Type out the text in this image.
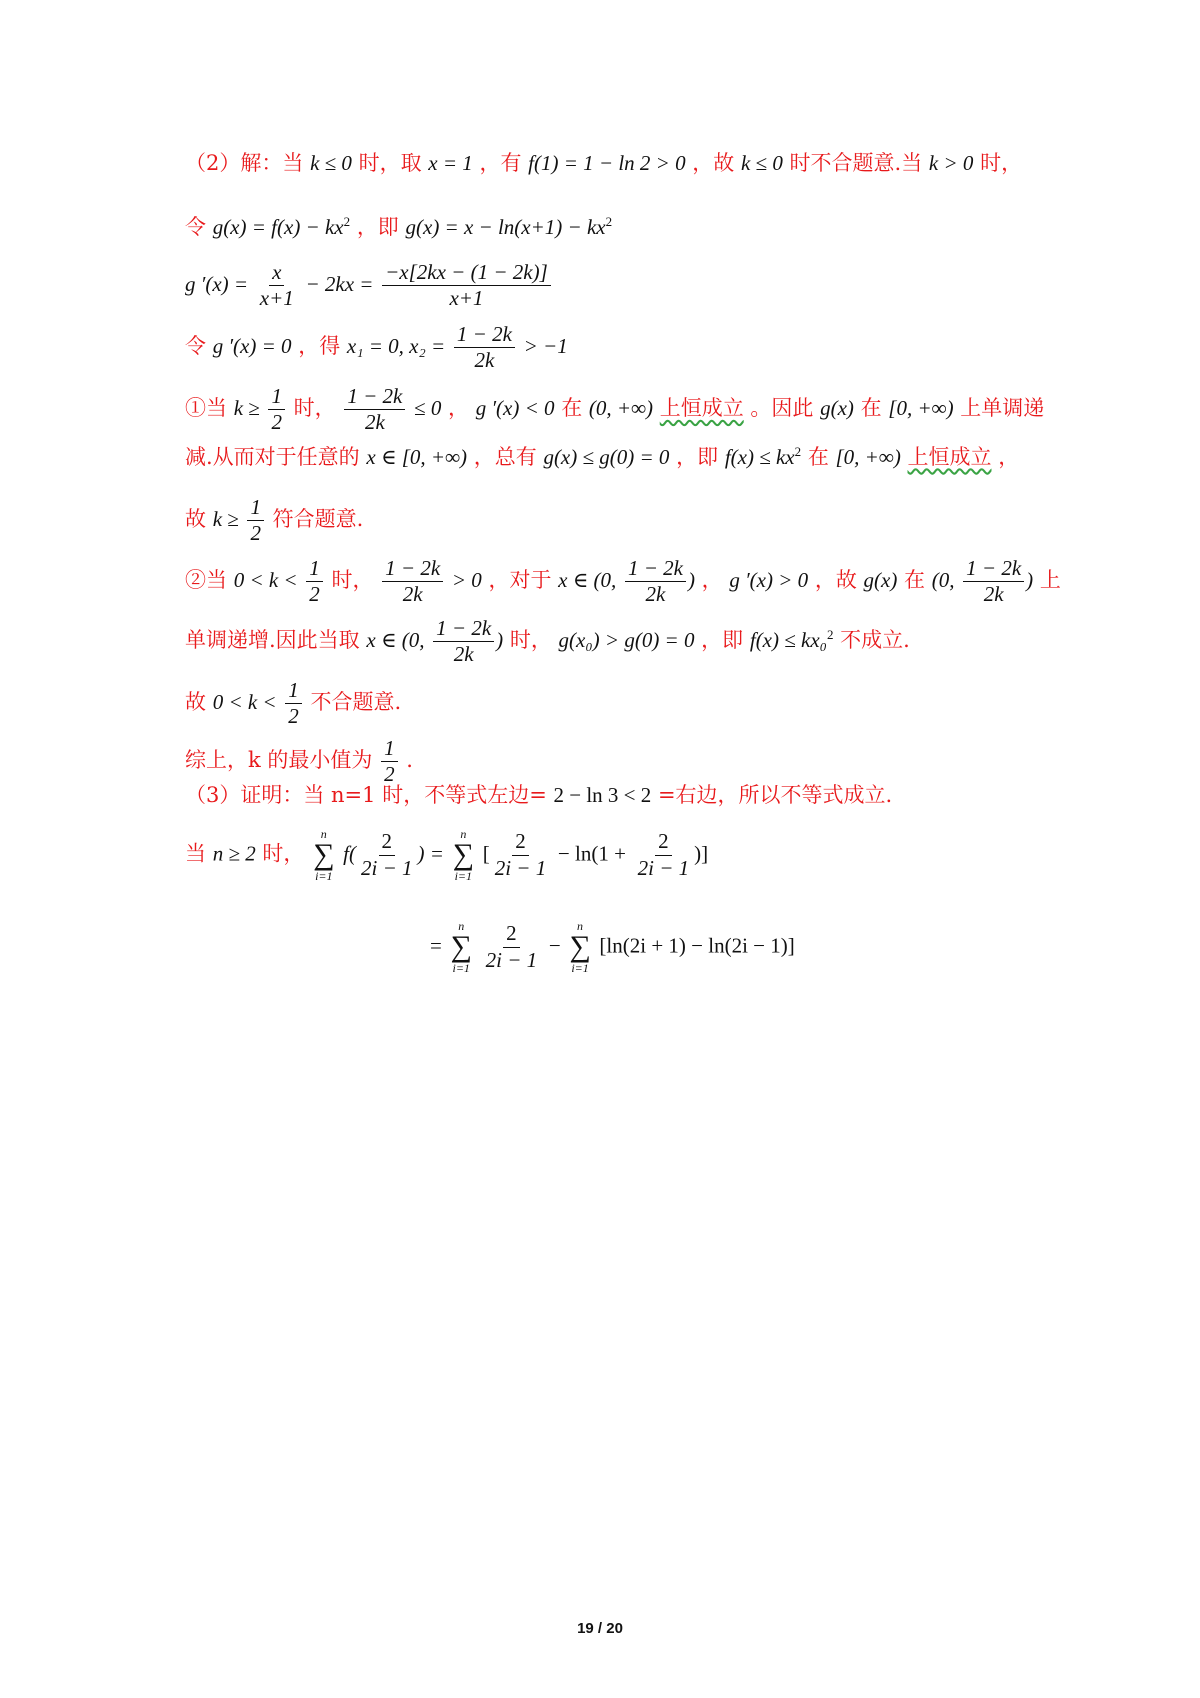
（2）解：当 k ≤ 0 时，取 x = 1 ，有 f(1) = 1 − ln 2 > 0 ，故 k ≤ 0 时不合题意.当 k > 0 时，
令 $g(x) = f(x) - kx^2$ ，即 $g(x) = x - \ln(x+1) - kx^2$
g $'(x) = \frac{x}{x+1} - 2kx = \frac{-x[2kx - (1 - 2k)]}{x+1}$
令 g ′(x) = 0 ，得 x₁ = 0, $x_2 = \frac{1 - 2k}{2k} > -1$
①当 $k \ge \frac{1}{2}$ 时， $\frac{1 - 2k}{2k} \le 0$ ， g ′(x) < 0 在 (0, +∞) 上恒成立 。因此 g(x) 在 [0, +∞) 上单调递
减.从而对于任意的 x ∈ [0, +∞) ，总有 g(x) ≤ g(0) = 0 ，即 $f(x) \le kx^2$ 在 [0, +∞) 上恒成立 ，
故 $k \ge \frac{1}{2}$ 符合题意.
②当 $0 < k < \frac{1}{2}$ 时， $\frac{1 - 2k}{2k} > 0$ ，对于 x ∈ (0, $\frac{1 - 2k}{2k}$ ) ， g ′(x) > 0 ，故 g(x) 在 (0, $\frac{1 - 2k}{2k}$ ) 上
单调递增.因此当取 x ∈ (0, $\frac{1 - 2k}{2k}$ ) 时， g(x₀) > g(0) = 0 ，即 f(x) ≤ kx₀$^2$ 不成立.
故 $0 < k < \frac{1}{2}$ 不合题意.
综上，k 的最小值为 $\frac{1}{2}$ .
（3）证明：当 n=1 时，不等式左边= 2 − ln 3 < 2 =右边，所以不等式成立.
当 n ≥ 2 时，
n
∑
i=1
$f( \frac{2}{2i - 1}$ ) =
n
∑
i=1
[ $\frac{2}{2i - 1} - \ln(1 + \frac{2}{2i - 1}$ )]
=
n
∑
i=1
$\frac{2}{2i - 1}$ −
n
∑
i=1
[ln(2i + 1) − ln(2i − 1)]
19 / 20
